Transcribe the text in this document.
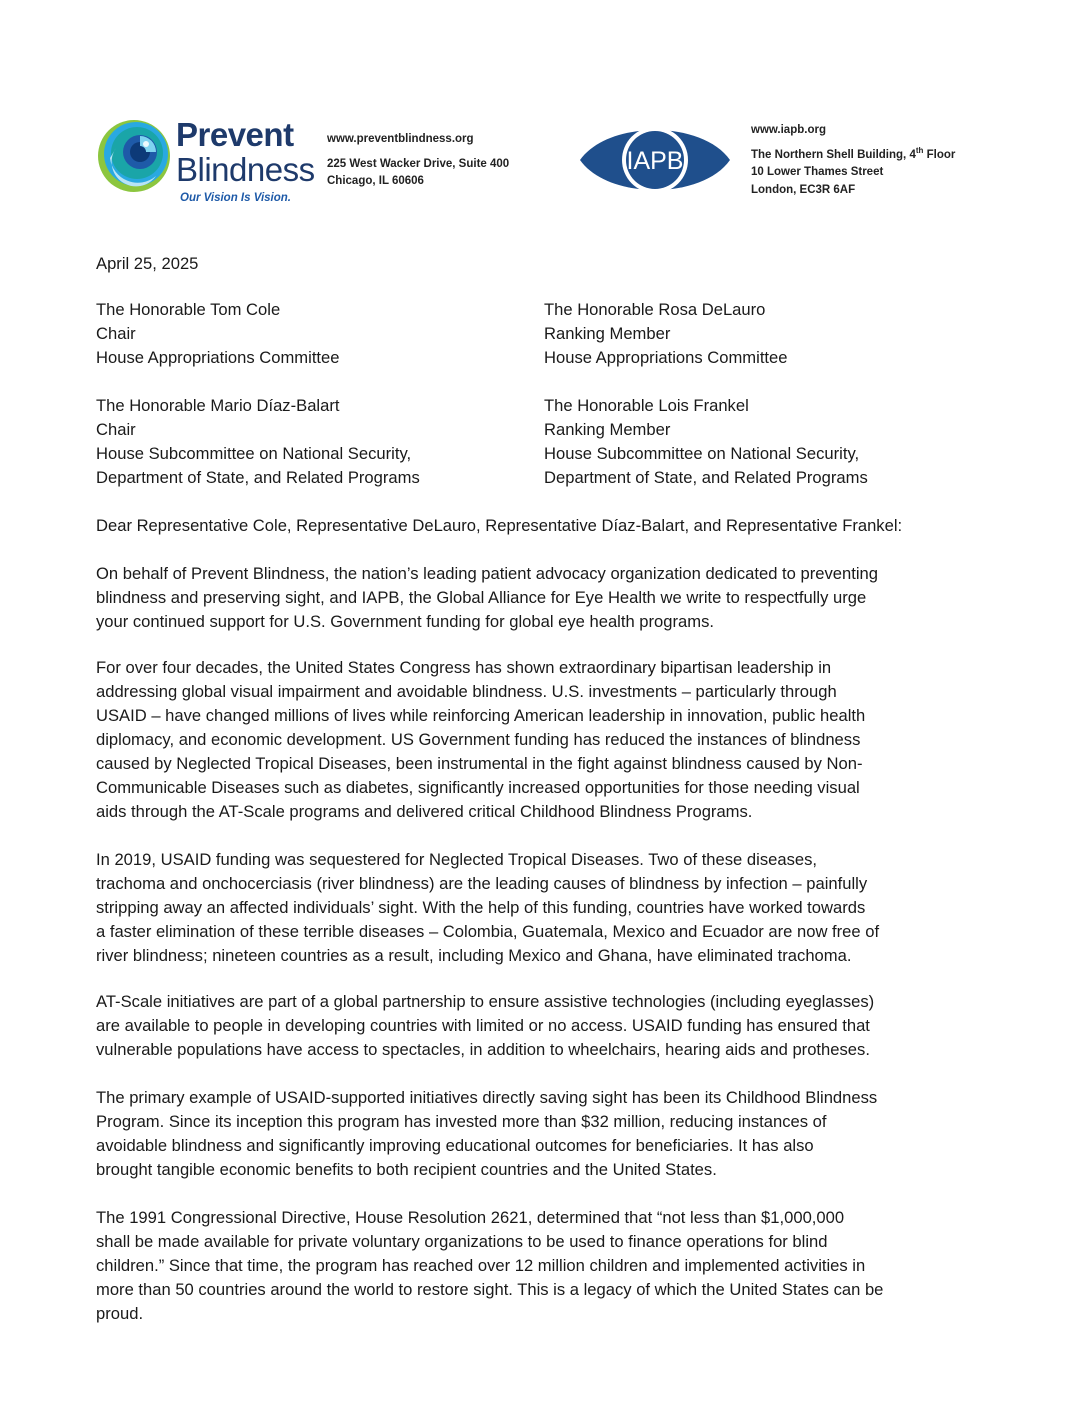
Prevent
Blindness
Our Vision Is Vision.
www.preventblindness.org
225 West Wacker Drive, Suite 400
Chicago, IL 60606
IAPB
www.iapb.org
The Northern Shell Building, 4th Floor
10 Lower Thames Street
London, EC3R 6AF
April 25, 2025
The Honorable Tom Cole
Chair
House Appropriations Committee
The Honorable Rosa DeLauro
Ranking Member
House Appropriations Committee
The Honorable Mario Díaz-Balart
Chair
House Subcommittee on National Security,
Department of State, and Related Programs
The Honorable Lois Frankel
Ranking Member
House Subcommittee on National Security,
Department of State, and Related Programs
Dear Representative Cole, Representative DeLauro, Representative Díaz-Balart, and Representative Frankel:
On behalf of Prevent Blindness, the nation’s leading patient advocacy organization dedicated to preventing
blindness and preserving sight, and IAPB, the Global Alliance for Eye Health we write to respectfully urge
your continued support for U.S. Government funding for global eye health programs.
For over four decades, the United States Congress has shown extraordinary bipartisan leadership in
addressing global visual impairment and avoidable blindness. U.S. investments – particularly through
USAID – have changed millions of lives while reinforcing American leadership in innovation, public health
diplomacy, and economic development. US Government funding has reduced the instances of blindness
caused by Neglected Tropical Diseases, been instrumental in the fight against blindness caused by Non-
Communicable Diseases such as diabetes, significantly increased opportunities for those needing visual
aids through the AT-Scale programs and delivered critical Childhood Blindness Programs.
In 2019, USAID funding was sequestered for Neglected Tropical Diseases. Two of these diseases,
trachoma and onchocerciasis (river blindness) are the leading causes of blindness by infection – painfully
stripping away an affected individuals’ sight. With the help of this funding, countries have worked towards
a faster elimination of these terrible diseases – Colombia, Guatemala, Mexico and Ecuador are now free of
river blindness; nineteen countries as a result, including Mexico and Ghana, have eliminated trachoma.
AT-Scale initiatives are part of a global partnership to ensure assistive technologies (including eyeglasses)
are available to people in developing countries with limited or no access. USAID funding has ensured that
vulnerable populations have access to spectacles, in addition to wheelchairs, hearing aids and protheses.
The primary example of USAID-supported initiatives directly saving sight has been its Childhood Blindness
Program. Since its inception this program has invested more than $32 million, reducing instances of
avoidable blindness and significantly improving educational outcomes for beneficiaries. It has also
brought tangible economic benefits to both recipient countries and the United States.
The 1991 Congressional Directive, House Resolution 2621, determined that “not less than $1,000,000
shall be made available for private voluntary organizations to be used to finance operations for blind
children.” Since that time, the program has reached over 12 million children and implemented activities in
more than 50 countries around the world to restore sight. This is a legacy of which the United States can be
proud.
